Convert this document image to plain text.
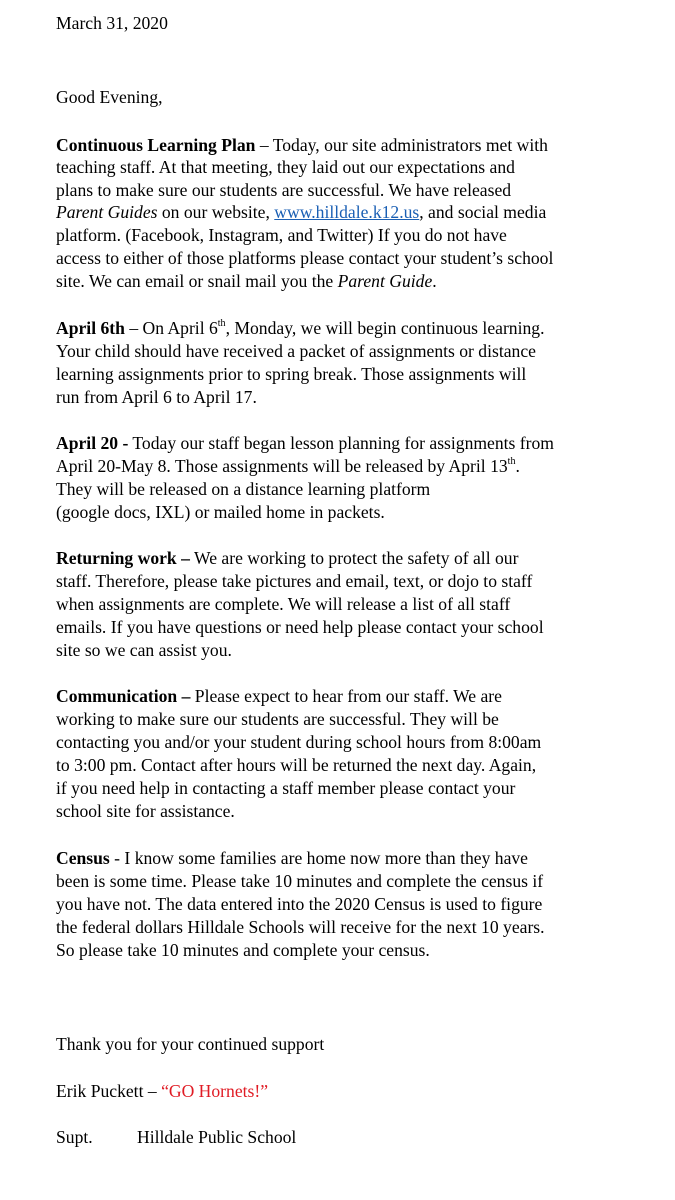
March 31, 2020
Good Evening,
Continuous Learning Plan – Today, our site administrators met with
teaching staff. At that meeting, they laid out our expectations and
plans to make sure our students are successful. We have released
Parent Guides on our website, www.hilldale.k12.us, and social media
platform. (Facebook, Instagram, and Twitter) If you do not have
access to either of those platforms please contact your student’s school
site. We can email or snail mail you the Parent Guide.
April 6th – On April 6th, Monday, we will begin continuous learning.
Your child should have received a packet of assignments or distance
learning assignments prior to spring break. Those assignments will
run from April 6 to April 17.
April 20 - Today our staff began lesson planning for assignments from
April 20-May 8. Those assignments will be released by April 13th.
They will be released on a distance learning platform
(google docs, IXL) or mailed home in packets.
Returning work – We are working to protect the safety of all our
staff. Therefore, please take pictures and email, text, or dojo to staff
when assignments are complete. We will release a list of all staff
emails. If you have questions or need help please contact your school
site so we can assist you.
Communication – Please expect to hear from our staff. We are
working to make sure our students are successful. They will be
contacting you and/or your student during school hours from 8:00am
to 3:00 pm. Contact after hours will be returned the next day. Again,
if you need help in contacting a staff member please contact your
school site for assistance.
Census - I know some families are home now more than they have
been is some time. Please take 10 minutes and complete the census if
you have not. The data entered into the 2020 Census is used to figure
the federal dollars Hilldale Schools will receive for the next 10 years.
So please take 10 minutes and complete your census.
Thank you for your continued support
Erik Puckett – “GO Hornets!”
Supt.	Hilldale Public School
